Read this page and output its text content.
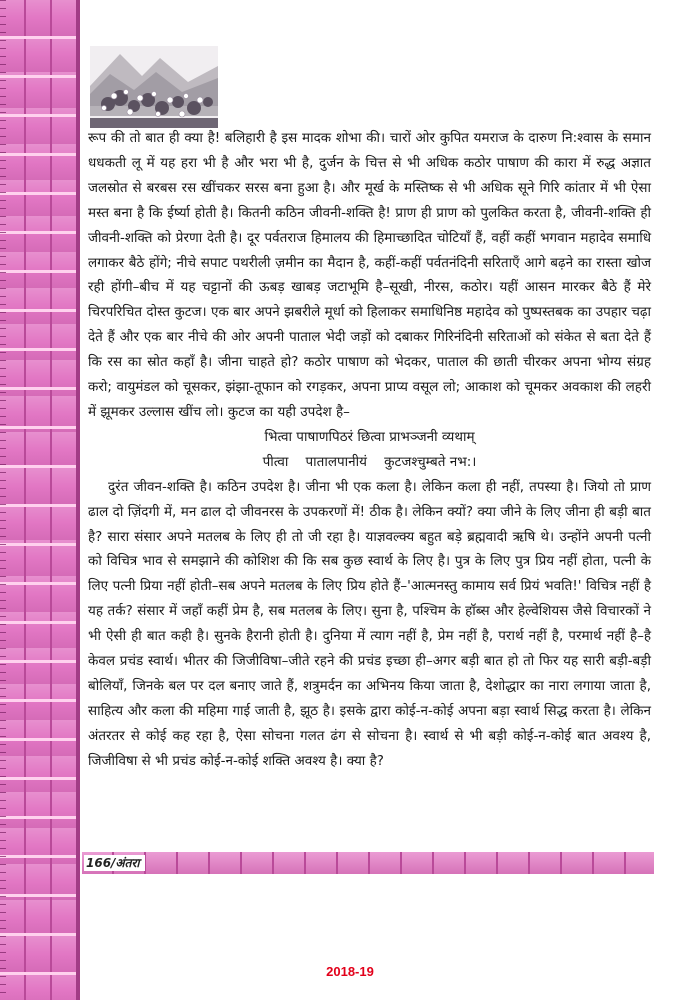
रूप की तो बात ही क्या है! बलिहारी है इस मादक शोभा की। चारों ओर कुपित यमराज के दारुण नि:श्वास के समान धधकती लू में यह हरा भी है और भरा भी है, दुर्जन के चित्त से भी अधिक कठोर पाषाण की कारा में रुद्ध अज्ञात जलस्रोत से बरबस रस खींचकर सरस बना हुआ है। और मूर्ख के मस्तिष्क से भी अधिक सूने गिरि कांतार में भी ऐसा मस्त बना है कि ईर्ष्या होती है। कितनी कठिन जीवनी-शक्ति है! प्राण ही प्राण को पुलकित करता है, जीवनी-शक्ति ही जीवनी-शक्ति को प्रेरणा देती है। दूर पर्वतराज हिमालय की हिमाच्छादित चोटियाँ हैं, वहीं कहीं भगवान महादेव समाधि लगाकर बैठे होंगे; नीचे सपाट पथरीली ज़मीन का मैदान है, कहीं-कहीं पर्वतनंदिनी सरिताएँ आगे बढ़ने का रास्ता खोज रही होंगी–बीच में यह चट्टानों की ऊबड़ खाबड़ जटाभूमि है–सूखी, नीरस, कठोर। यहीं आसन मारकर बैठे हैं मेरे चिरपरिचित दोस्त कुटज। एक बार अपने झबरीले मूर्धा को हिलाकर समाधिनिष्ठ महादेव को पुष्पस्तबक का उपहार चढ़ा देते हैं और एक बार नीचे की ओर अपनी पाताल भेदी जड़ों को दबाकर गिरिनंदिनी सरिताओं को संकेत से बता देते हैं कि रस का स्रोत कहाँ है। जीना चाहते हो? कठोर पाषाण को भेदकर, पाताल की छाती चीरकर अपना भोग्य संग्रह करो; वायुमंडल को चूसकर, झंझा-तूफान को रगड़कर, अपना प्राप्य वसूल लो; आकाश को चूमकर अवकाश की लहरी में झूमकर उल्लास खींच लो। कुटज का यही उपदेश है–

भित्वा पाषाणपिठरं छित्वा प्राभञ्जनी व्यथाम्
पीत्वा    पातालपानीयं    कुटजश्चुम्बते नभ:।

दुरंत जीवन-शक्ति है। कठिन उपदेश है। जीना भी एक कला है। लेकिन कला ही नहीं, तपस्या है। जियो तो प्राण ढाल दो ज़िंदगी में, मन ढाल दो जीवनरस के उपकरणों में! ठीक है। लेकिन क्यों? क्या जीने के लिए जीना ही बड़ी बात है? सारा संसार अपने मतलब के लिए ही तो जी रहा है। याज्ञवल्क्य बहुत बड़े ब्रह्मवादी ऋषि थे। उन्होंने अपनी पत्नी को विचित्र भाव से समझाने की कोशिश की कि सब कुछ स्वार्थ के लिए है। पुत्र के लिए पुत्र प्रिय नहीं होता, पत्नी के लिए पत्नी प्रिया नहीं होती–सब अपने मतलब के लिए प्रिय होते हैं–'आत्मनस्तु कामाय सर्व प्रियं भवति!' विचित्र नहीं है यह तर्क? संसार में जहाँ कहीं प्रेम है, सब मतलब के लिए। सुना है, पश्चिम के हॉब्स और हेल्वेशियस जैसे विचारकों ने भी ऐसी ही बात कही है। सुनके हैरानी होती है। दुनिया में त्याग नहीं है, प्रेम नहीं है, परार्थ नहीं है, परमार्थ नहीं है–है केवल प्रचंड स्वार्थ। भीतर की जिजीविषा–जीते रहने की प्रचंड इच्छा ही–अगर बड़ी बात हो तो फिर यह सारी बड़ी-बड़ी बोलियाँ, जिनके बल पर दल बनाए जाते हैं, शत्रुमर्दन का अभिनय किया जाता है, देशोद्धार का नारा लगाया जाता है, साहित्य और कला की महिमा गाई जाती है, झूठ है। इसके द्वारा कोई-न-कोई अपना बड़ा स्वार्थ सिद्ध करता है। लेकिन अंतरतर से कोई कह रहा है, ऐसा सोचना गलत ढंग से सोचना है। स्वार्थ से भी बड़ी कोई-न-कोई बात अवश्य है, जिजीविषा से भी प्रचंड कोई-न-कोई शक्ति अवश्य है। क्या है?

166/अंतरा
2018-19
